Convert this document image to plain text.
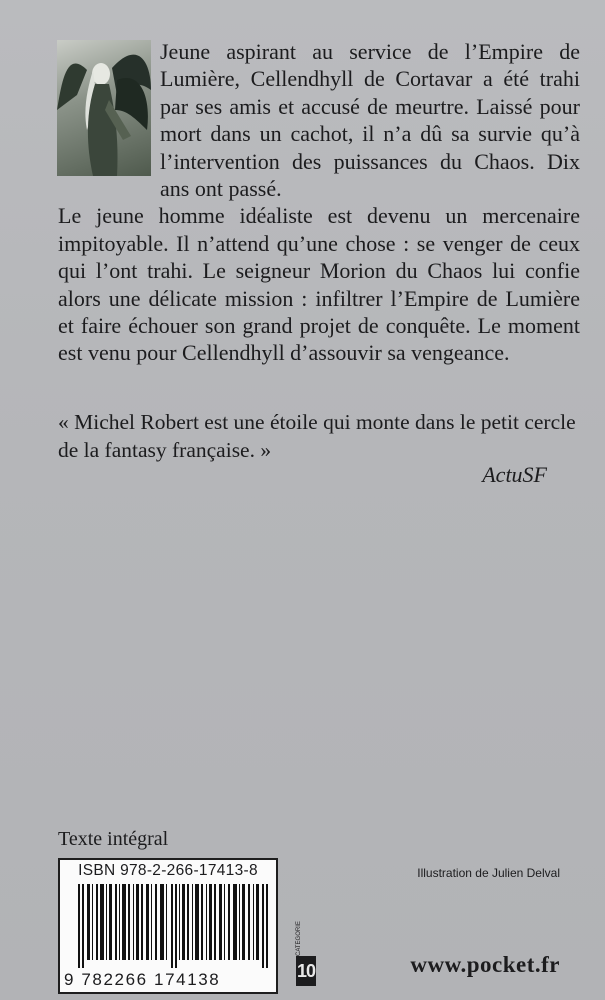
Jeune aspirant au service de l’Empire de Lumière, Cellendhyll de Cortavar a été trahi par ses amis et accusé de meurtre. Laissé pour mort dans un cachot, il n’a dû sa survie qu’à l’intervention des puissances du Chaos. Dix ans ont passé.
Le jeune homme idéaliste est devenu un mercenaire impitoyable. Il n’attend qu’une chose : se venger de ceux qui l’ont trahi. Le seigneur Morion du Chaos lui confie alors une délicate mission : infiltrer l’Empire de Lumière et faire échouer son grand projet de conquête. Le moment est venu pour Cellendhyll d’assouvir sa vengeance.

« Michel Robert est une étoile qui monte dans le petit cercle de la fantasy française. »

ActuSF

Texte intégral

ISBN 978-2-266-17413-8
9 782266 174138
CATÉGORIE
10

Illustration de Julien Delval

www.pocket.fr
